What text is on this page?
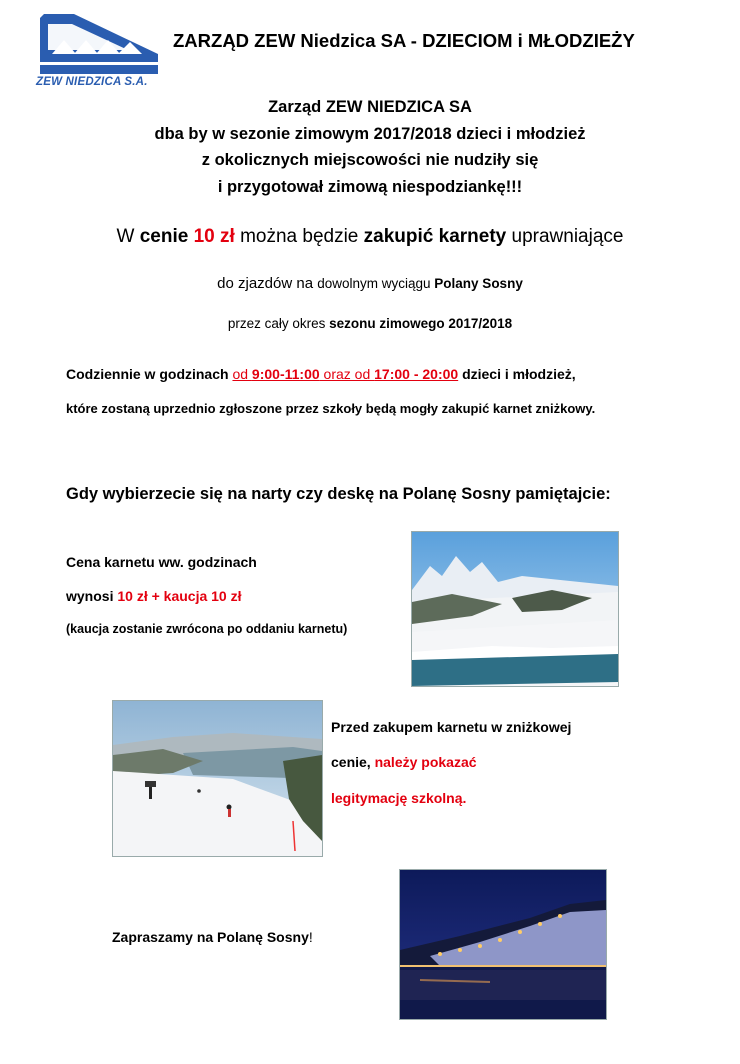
ZEW NIEDZICA S.A.
ZARZĄD ZEW Niedzica SA - DZIECIOM i MŁODZIEŻY
Zarząd ZEW NIEDZICA SA
dba by w sezonie zimowym 2017/2018 dzieci i młodzież
z okolicznych miejscowości nie nudziły się
i przygotował zimową niespodziankę!!!
W cenie 10 zł można będzie zakupić karnety uprawniające
do zjazdów na dowolnym wyciągu Polany Sosny
przez cały okres sezonu zimowego 2017/2018
Codziennie w godzinach od 9:00-11:00 oraz od 17:00 - 20:00 dzieci i młodzież,
które zostaną uprzednio zgłoszone przez szkoły będą mogły zakupić karnet zniżkowy.
Gdy wybierzecie się na narty czy deskę na Polanę Sosny pamiętajcie:
Cena karnetu ww. godzinach
wynosi 10 zł + kaucja 10 zł
(kaucja zostanie zwrócona po oddaniu karnetu)
Przed zakupem karnetu w zniżkowej
cenie, należy pokazać
legitymację szkolną.
Zapraszamy na Polanę Sosny!
